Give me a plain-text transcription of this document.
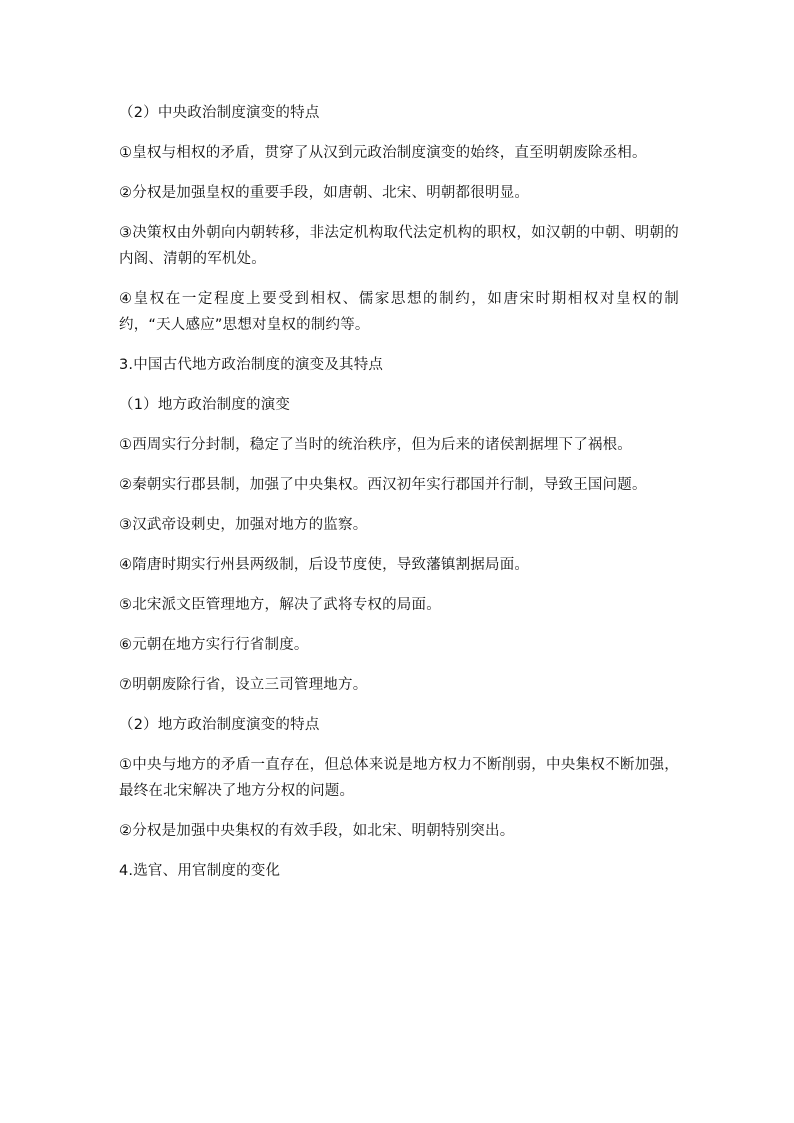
（2）中央政治制度演变的特点

①皇权与相权的矛盾，贯穿了从汉到元政治制度演变的始终，直至明朝废除丞相。

②分权是加强皇权的重要手段，如唐朝、北宋、明朝都很明显。

③决策权由外朝向内朝转移，非法定机构取代法定机构的职权，如汉朝的中朝、明朝的内阁、清朝的军机处。

④皇权在一定程度上要受到相权、儒家思想的制约，如唐宋时期相权对皇权的制约，“天人感应”思想对皇权的制约等。

3.中国古代地方政治制度的演变及其特点

（1）地方政治制度的演变

①西周实行分封制，稳定了当时的统治秩序，但为后来的诸侯割据埋下了祸根。

②秦朝实行郡县制，加强了中央集权。西汉初年实行郡国并行制，导致王国问题。

③汉武帝设刺史，加强对地方的监察。

④隋唐时期实行州县两级制，后设节度使，导致藩镇割据局面。

⑤北宋派文臣管理地方，解决了武将专权的局面。

⑥元朝在地方实行行省制度。

⑦明朝废除行省，设立三司管理地方。

（2）地方政治制度演变的特点

①中央与地方的矛盾一直存在，但总体来说是地方权力不断削弱，中央集权不断加强，最终在北宋解决了地方分权的问题。

②分权是加强中央集权的有效手段，如北宋、明朝特别突出。

4.选官、用官制度的变化
